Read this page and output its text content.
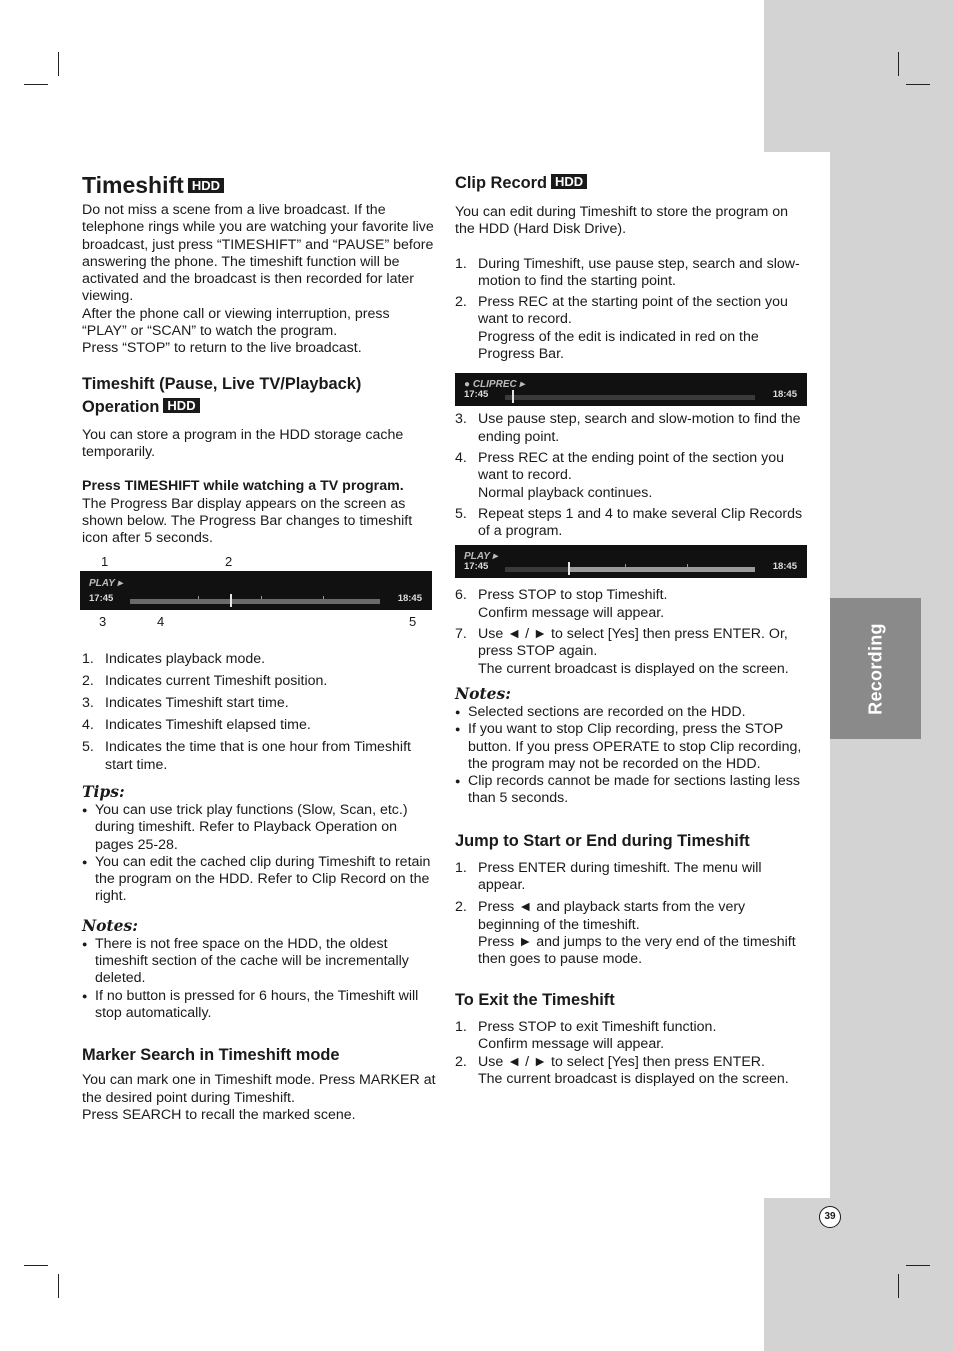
Recording
39
Timeshift HDD

Do not miss a scene from a live broadcast. If the telephone rings while you are watching your favorite live broadcast, just press “TIMESHIFT” and “PAUSE” before answering the phone. The timeshift function will be activated and the broadcast is then recorded for later viewing.

After the phone call or viewing interruption, press “PLAY” or “SCAN” to watch the program.

Press “STOP” to return to the live broadcast.

Timeshift (Pause, Live TV/Playback)
Operation HDD

You can store a program in the HDD storage cache temporarily.

Press TIMESHIFT while watching a TV program.

The Progress Bar display appears on the screen as shown below. The Progress Bar changes to timeshift icon after 5 seconds.

1	2
PLAY ▸
17:45	18:45
3	4	5
1. Indicates playback mode.
2. Indicates current Timeshift position.
3. Indicates Timeshift start time.
4. Indicates Timeshift elapsed time.
5. Indicates the time that is one hour from Timeshift start time.
Tips:
● You can use trick play functions (Slow, Scan, etc.) during timeshift. Refer to Playback Operation on pages 25-28.
● You can edit the cached clip during Timeshift to retain the program on the HDD. Refer to Clip Record on the right.
Notes:
● There is not free space on the HDD, the oldest timeshift section of the cache will be incrementally deleted.
● If no button is pressed for 6 hours, the Timeshift will stop automatically.
Marker Search in Timeshift mode

You can mark one in Timeshift mode. Press MARKER at the desired point during Timeshift.

Press SEARCH to recall the marked scene.

Clip Record HDD

You can edit during Timeshift to store the program on the HDD (Hard Disk Drive).

1. During Timeshift, use pause step, search and slow-motion to find the starting point.
2. Press REC at the starting point of the section you want to record.
Progress of the edit is indicated in red on the Progress Bar.
● CLIPREC ▸
17:45	18:45
3. Use pause step, search and slow-motion to find the ending point.
4. Press REC at the ending point of the section you want to record.
Normal playback continues.
5. Repeat steps 1 and 4 to make several Clip Records of a program.
PLAY ▸
17:45	18:45
6. Press STOP to stop Timeshift.
Confirm message will appear.
7. Use ◄ / ► to select [Yes] then press ENTER. Or, press STOP again.
The current broadcast is displayed on the screen.
Notes:
● Selected sections are recorded on the HDD.
● If you want to stop Clip recording, press the STOP button. If you press OPERATE to stop Clip recording, the program may not be recorded on the HDD.
● Clip records cannot be made for sections lasting less than 5 seconds.
Jump to Start or End during Timeshift
1. Press ENTER during timeshift. The menu will appear.
2. Press ◄ and playback starts from the very beginning of the timeshift.
Press ► and jumps to the very end of the timeshift then goes to pause mode.
To Exit the Timeshift
1. Press STOP to exit Timeshift function.
Confirm message will appear.
2. Use ◄ / ► to select [Yes] then press ENTER.
The current broadcast is displayed on the screen.
